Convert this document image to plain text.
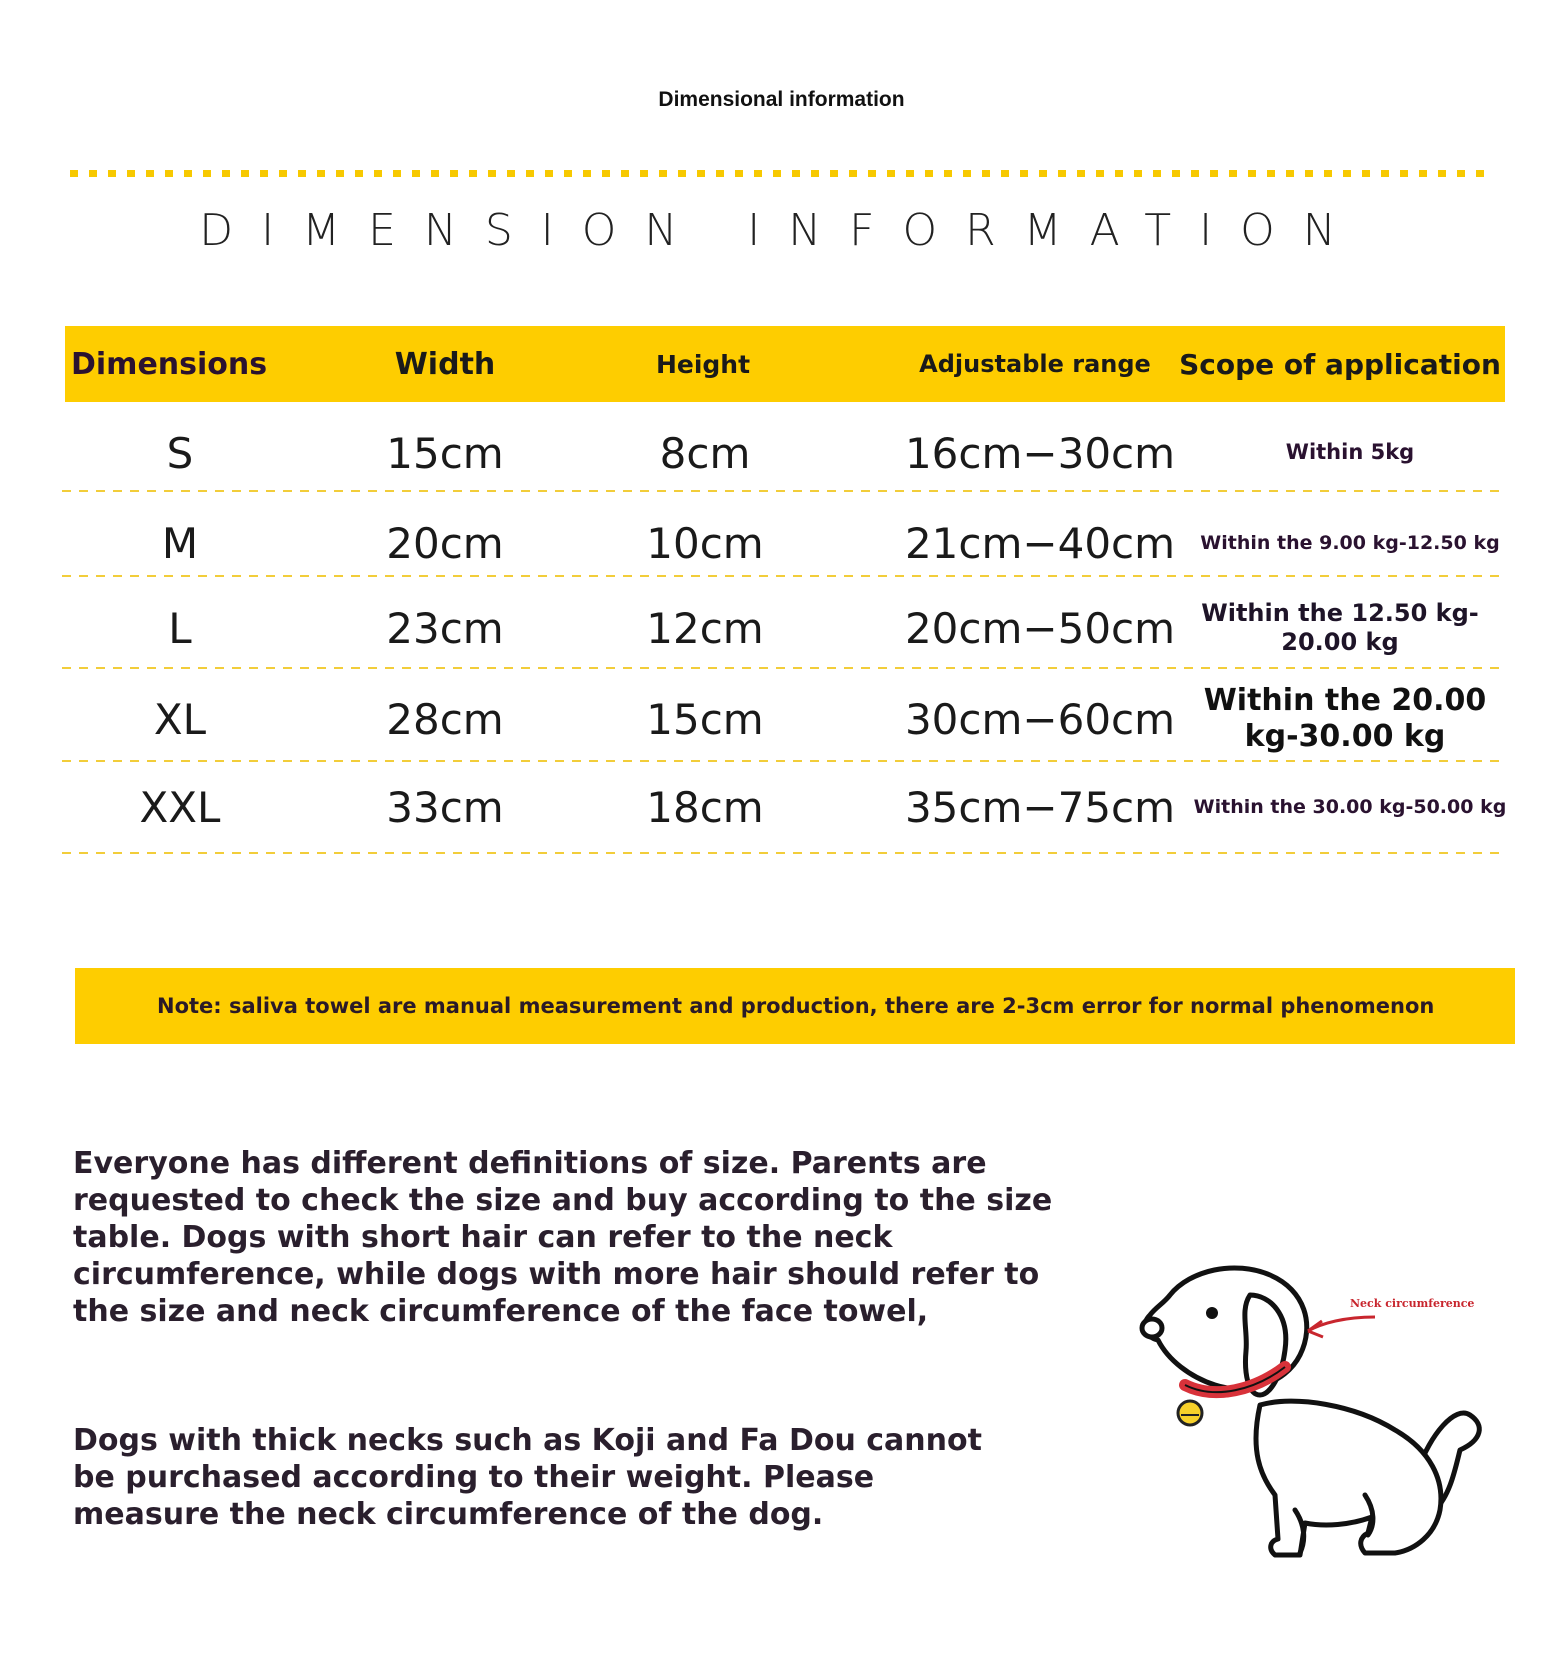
Dimensional information
DIMENSION INFORMATION
Dimensions	Width	Height	Adjustable range	Scope of application
S	15cm	8cm	16cm−30cm	Within 5kg
M	20cm	10cm	21cm−40cm	Within the 9.00 kg-12.50 kg
L	23cm	12cm	20cm−50cm	Within the 12.50 kg-20.00 kg
XL	28cm	15cm	30cm−60cm Within the 20.00 kg-30.00 kg
XXL	33cm	18cm	35cm−75cm Within the 30.00 kg-50.00 kg
Note: saliva towel are manual measurement and production, there are 2-3cm error for normal phenomenon
Everyone has different definitions of size. Parents are requested to check the size and buy according to the size table. Dogs with short hair can refer to the neck circumference, while dogs with more hair should refer to the size and neck circumference of the face towel,
Dogs with thick necks such as Koji and Fa Dou cannot be purchased according to their weight. Please measure the neck circumference of the dog.
Neck circumference
